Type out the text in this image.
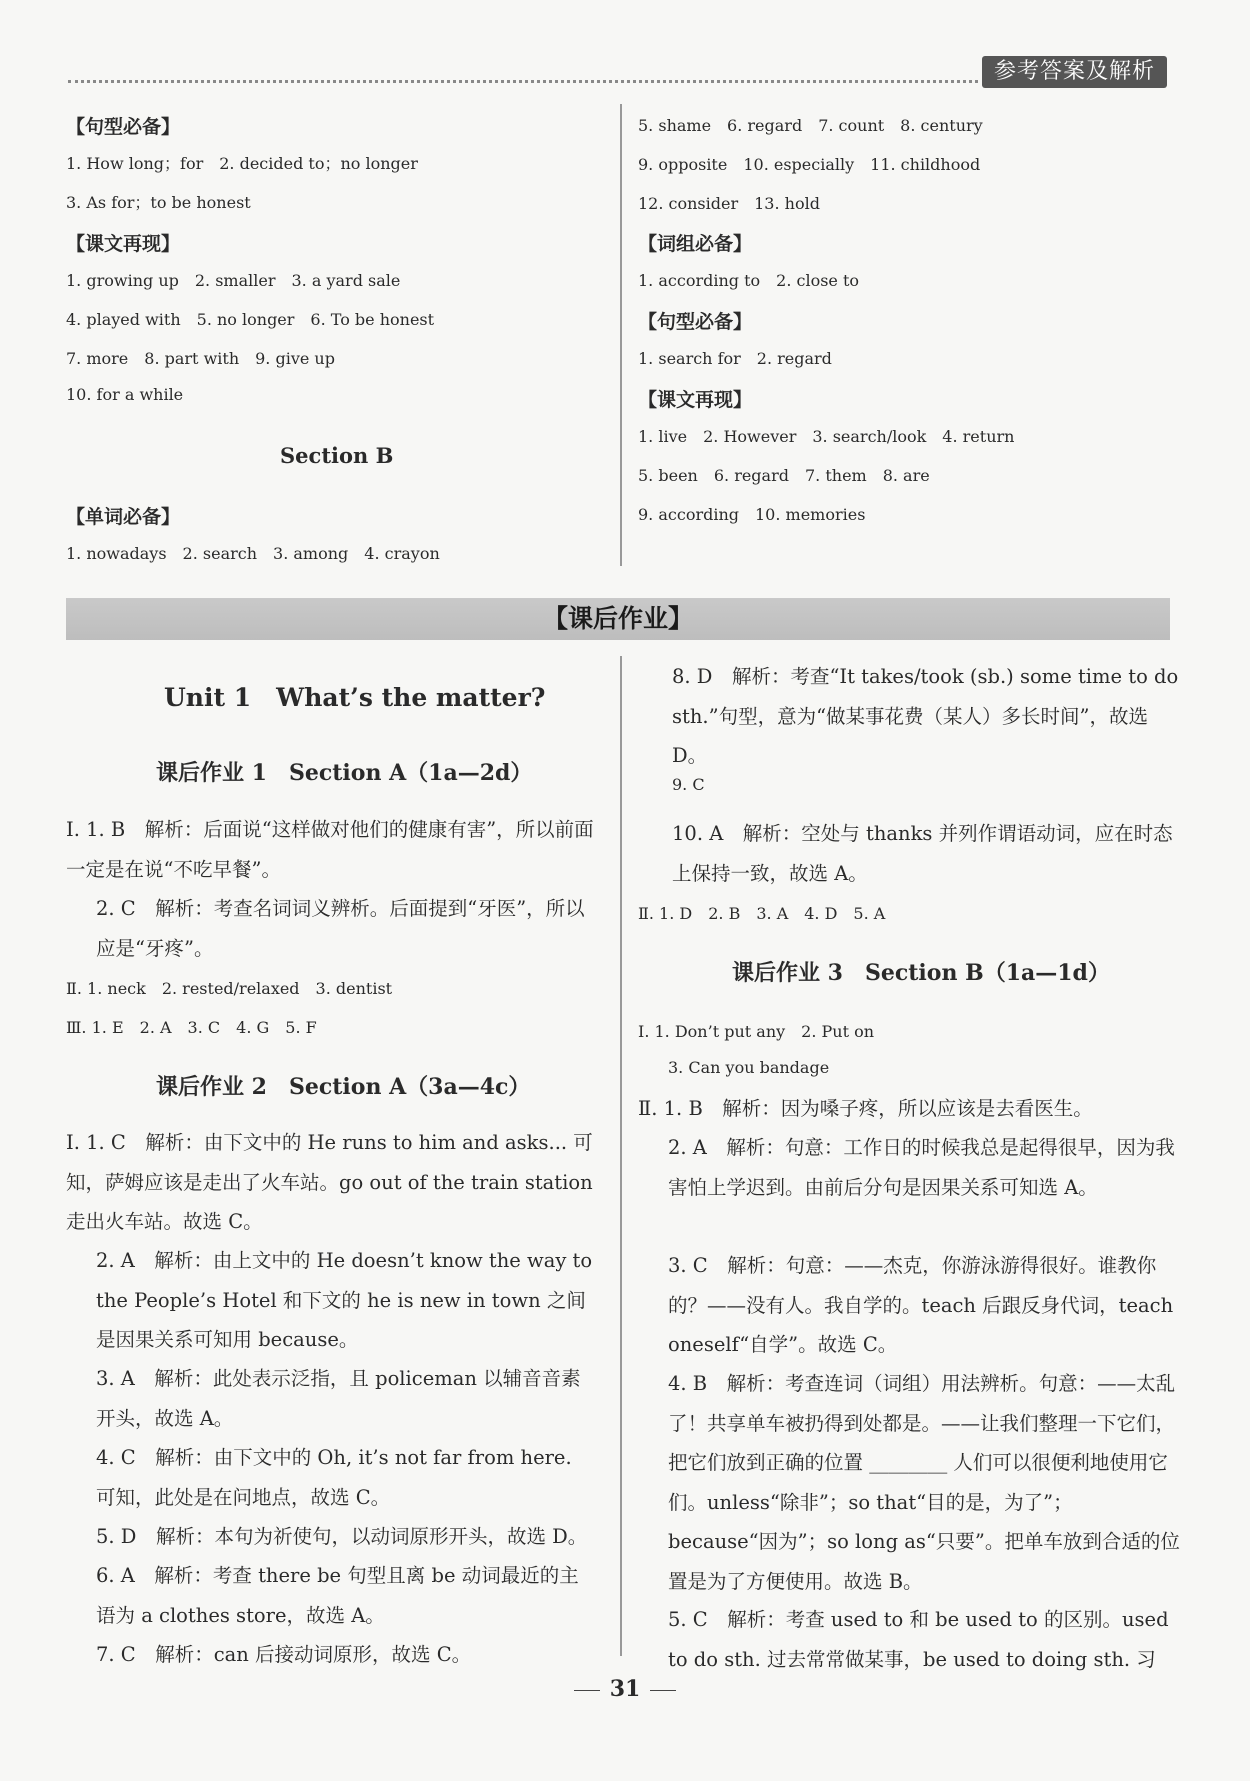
参考答案及解析
【句型必备】
1. How long；for　2. decided to；no longer
3. As for；to be honest
【课文再现】
1. growing up　2. smaller　3. a yard sale
4. played with　5. no longer　6. To be honest
7. more　8. part with　9. give up
10. for a while
Section B
【单词必备】
1. nowadays　2. search　3. among　4. crayon
5. shame　6. regard　7. count　8. century
9. opposite　10. especially　11. childhood
12. consider　13. hold
【词组必备】
1. according to　2. close to
【句型必备】
1. search for　2. regard
【课文再现】
1. live　2. However　3. search/look　4. return
5. been　6. regard　7. them　8. are
9. according　10. memories
【课后作业】
Unit 1　What’s the matter?
课后作业 1　Section A（1a—2d）
Ⅰ. 1. B　解析：后面说“这样做对他们的健康有害”，所以前面一定是在说“不吃早餐”。
2. C　解析：考查名词词义辨析。后面提到“牙医”，所以应是“牙疼”。
Ⅱ. 1. neck　2. rested/relaxed　3. dentist
Ⅲ. 1. E　2. A　3. C　4. G　5. F
课后作业 2　Section A（3a—4c）
Ⅰ. 1. C　解析：由下文中的 He runs to him and asks... 可知，萨姆应该是走出了火车站。go out of the train station 走出火车站。故选 C。
2. A　解析：由上文中的 He doesn’t know the way to the People’s Hotel 和下文的 he is new in town 之间是因果关系可知用 because。
3. A　解析：此处表示泛指，且 policeman 以辅音音素开头，故选 A。
4. C　解析：由下文中的 Oh, it’s not far from here. 可知，此处是在问地点，故选 C。
5. D　解析：本句为祈使句，以动词原形开头，故选 D。
6. A　解析：考查 there be 句型且离 be 动词最近的主语为 a clothes store，故选 A。
7. C　解析：can 后接动词原形，故选 C。
8. D　解析：考查“It takes/took (sb.) some time to do sth.”句型，意为“做某事花费（某人）多长时间”，故选 D。
9. C
10. A　解析：空处与 thanks 并列作谓语动词，应在时态上保持一致，故选 A。
Ⅱ. 1. D　2. B　3. A　4. D　5. A
课后作业 3　Section B（1a—1d）
Ⅰ. 1. Don’t put any　2. Put on
3. Can you bandage
Ⅱ. 1. B　解析：因为嗓子疼，所以应该是去看医生。
2. A　解析：句意：工作日的时候我总是起得很早，因为我害怕上学迟到。由前后分句是因果关系可知选 A。
3. C　解析：句意：——杰克，你游泳游得很好。谁教你的？——没有人。我自学的。teach 后跟反身代词，teach oneself“自学”。故选 C。
4. B　解析：考查连词（词组）用法辨析。句意：——太乱了！共享单车被扔得到处都是。——让我们整理一下它们，把它们放到正确的位置 ________ 人们可以很便利地使用它们。unless“除非”；so that“目的是，为了”；because“因为”；so long as“只要”。把单车放到合适的位置是为了方便使用。故选 B。
5. C　解析：考查 used to 和 be used to 的区别。used to do sth. 过去常常做某事，be used to doing sth. 习
31
